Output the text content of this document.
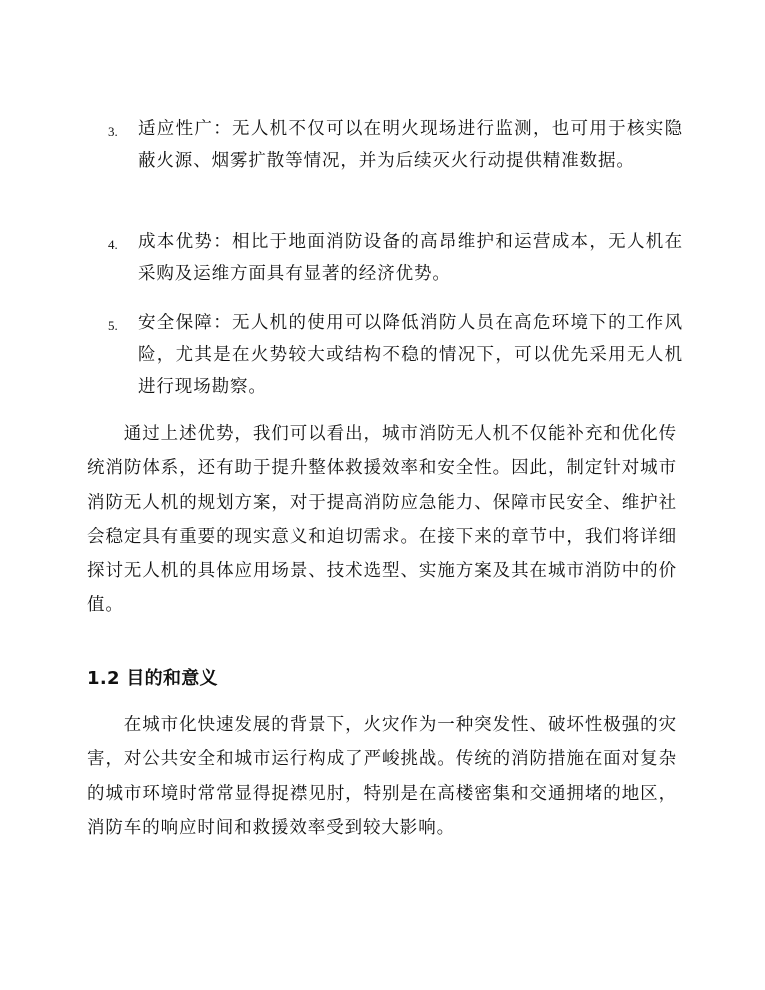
3. 适应性广：无人机不仅可以在明火现场进行监测，也可用于核实隐蔽火源、烟雾扩散等情况，并为后续灭火行动提供精准数据。
4. 成本优势：相比于地面消防设备的高昂维护和运营成本，无人机在采购及运维方面具有显著的经济优势。
5. 安全保障：无人机的使用可以降低消防人员在高危环境下的工作风险，尤其是在火势较大或结构不稳的情况下，可以优先采用无人机进行现场勘察。

通过上述优势，我们可以看出，城市消防无人机不仅能补充和优化传统消防体系，还有助于提升整体救援效率和安全性。因此，制定针对城市消防无人机的规划方案，对于提高消防应急能力、保障市民安全、维护社会稳定具有重要的现实意义和迫切需求。在接下来的章节中，我们将详细探讨无人机的具体应用场景、技术选型、实施方案及其在城市消防中的价值。

1.2 目的和意义

在城市化快速发展的背景下，火灾作为一种突发性、破坏性极强的灾害，对公共安全和城市运行构成了严峻挑战。传统的消防措施在面对复杂的城市环境时常常显得捉襟见肘，特别是在高楼密集和交通拥堵的地区，消防车的响应时间和救援效率受到较大影响。
